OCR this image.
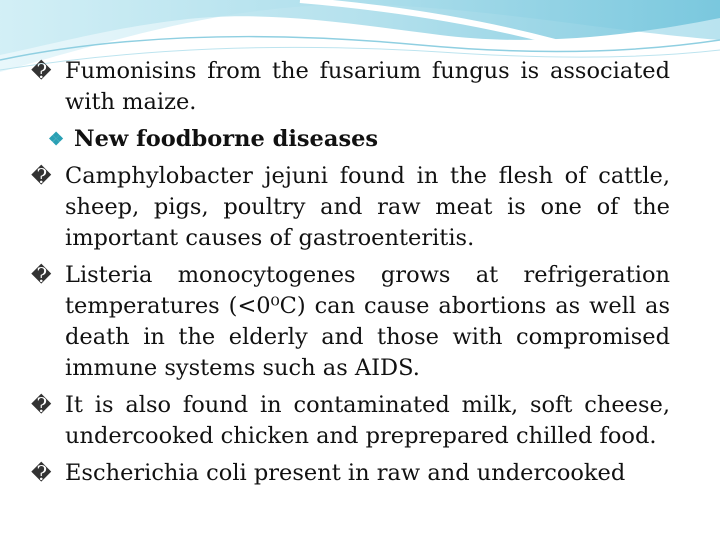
� Fumonisins from the fusarium fungus is associated with maize.

❖ New foodborne diseases

� Camphylobacter jejuni found in the flesh of cattle, sheep, pigs, poultry and raw meat is one of the important causes of gastroenteritis.

� Listeria monocytogenes grows at refrigeration temperatures (<0⁰C) can cause abortions as well as death in the elderly and those with compromised immune systems such as AIDS.

� It is also found in contaminated milk, soft cheese, undercooked chicken and preprepared chilled food.

� Escherichia coli present in raw and undercooked
